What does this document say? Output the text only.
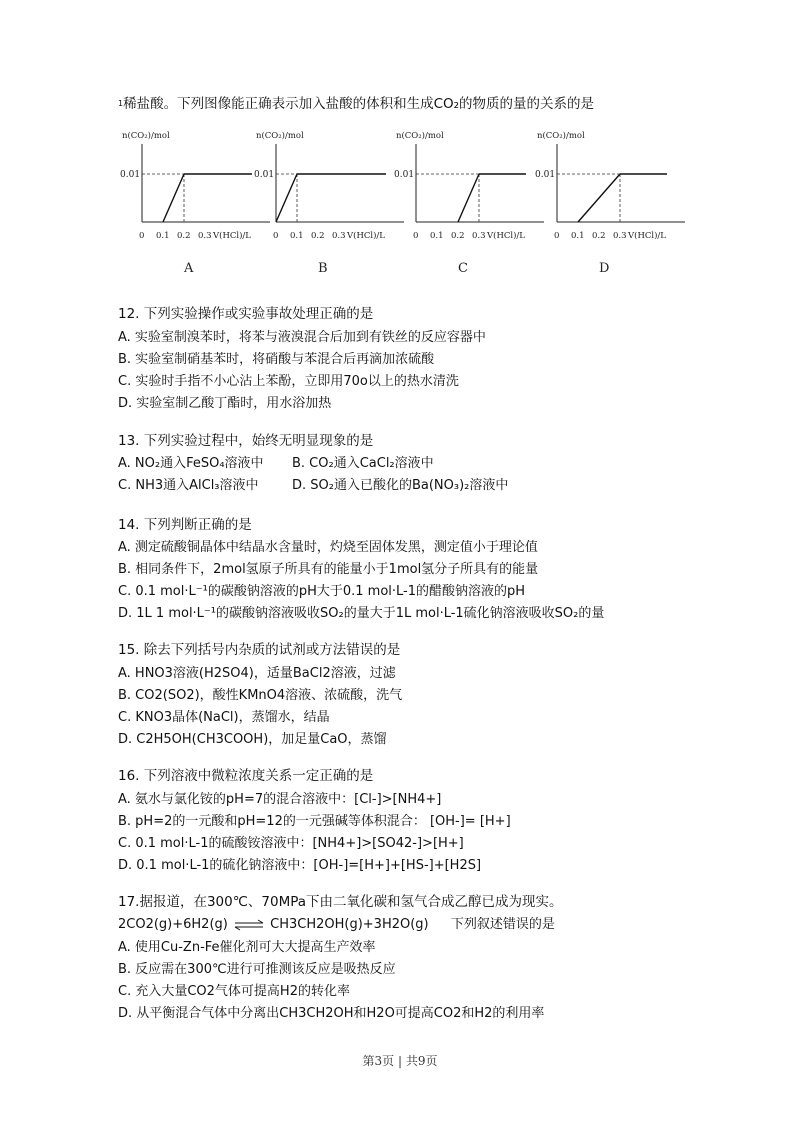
$^1$稀盐酸。下列图像能正确表示加入盐酸的体积和生成CO₂的物质的量的关系的是
n(CO₂)/mol
0.01
0 0.1 0.2 0.3 V(HCl)/L
A
n(CO₂)/mol
0.01
0 0.1 0.2 0.3 V(HCl)/L
B
n(CO₂)/mol
0.01
0 0.1 0.2 0.3 V(HCl)/L
C
n(CO₂)/mol
0.01
0 0.1 0.2 0.3 V(HCl)/L
D
12. 下列实验操作或实验事故处理正确的是
A. 实验室制溴苯时，将苯与液溴混合后加到有铁丝的反应容器中
B. 实验室制硝基苯时，将硝酸与苯混合后再滴加浓硫酸
C. 实验时手指不小心沾上苯酚，立即用70o以上的热水清洗
D. 实验室制乙酸丁酯时，用水浴加热
13. 下列实验过程中，始终无明显现象的是
A. NO₂通入FeSO₄溶液中 B. CO₂通入CaCl₂溶液中
C. NH3通入AlCl₃溶液中	D. SO₂通入已酸化的Ba(NO₃)₂溶液中
14. 下列判断正确的是
A. 测定硫酸铜晶体中结晶水含量时，灼烧至固体发黑，测定值小于理论值
B. 相同条件下，2mol氢原子所具有的能量小于1mol氢分子所具有的能量
C. 0.1 mol·L⁻¹的碳酸钠溶液的pH大于0.1 mol·L-1的醋酸钠溶液的pH
D. 1L 1 mol·L⁻¹的碳酸钠溶液吸收SO₂的量大于1L mol·L-1硫化钠溶液吸收SO₂的量
15. 除去下列括号内杂质的试剂或方法错误的是
A. HNO3溶液(H2SO4)，适量BaCl2溶液，过滤
B. CO2(SO2)，酸性KMnO4溶液、浓硫酸，洗气
C. KNO3晶体(NaCl)，蒸馏水，结晶
D. C2H5OH(CH3COOH)，加足量CaO，蒸馏
16. 下列溶液中微粒浓度关系一定正确的是
A. 氨水与氯化铵的pH=7的混合溶液中：[Cl-]>[NH4+]
B. pH=2的一元酸和pH=12的一元强碱等体积混合： [OH-]= [H+]
C. 0.1 mol·L-1的硫酸铵溶液中：[NH4+]>[SO42-]>[H+]
D. 0.1 mol·L-1的硫化钠溶液中：[OH-]=[H+]+[HS-]+[H2S]
17.据报道，在300℃、70MPa下由二氧化碳和氢气合成乙醇已成为现实。
2CO2(g)+6H2(g) ⇌ CH3CH2OH(g)+3H2O(g) 下列叙述错误的是
A. 使用Cu-Zn-Fe催化剂可大大提高生产效率
B. 反应需在300℃进行可推测该反应是吸热反应
C. 充入大量CO2气体可提高H2的转化率
D. 从平衡混合气体中分离出CH3CH2OH和H2O可提高CO2和H2的利用率
第3页 | 共9页
